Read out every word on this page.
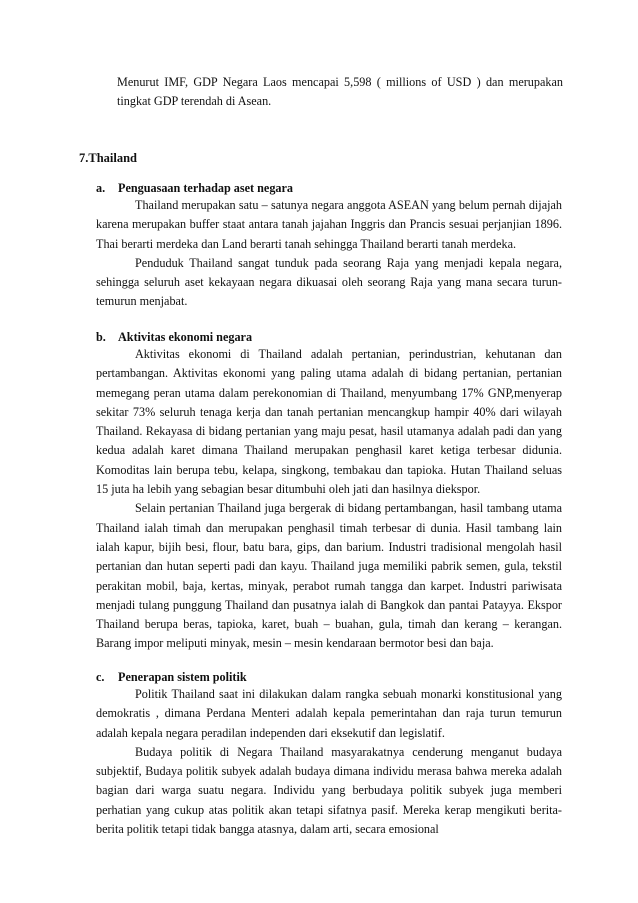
Menurut IMF, GDP Negara Laos mencapai 5,598 ( millions of USD ) dan merupakan tingkat GDP terendah di Asean.

7.Thailand
a.	Penguasaan terhadap aset negara

Thailand merupakan satu – satunya negara anggota ASEAN yang belum pernah dijajah karena merupakan buffer staat antara tanah jajahan Inggris dan Prancis sesuai perjanjian 1896. Thai berarti merdeka dan Land berarti tanah sehingga Thailand berarti tanah merdeka.

Penduduk Thailand sangat tunduk pada seorang Raja yang menjadi kepala negara, sehingga seluruh aset kekayaan negara dikuasai oleh seorang Raja yang mana secara turun-temurun menjabat.

b. Aktivitas ekonomi negara

Aktivitas ekonomi di Thailand adalah pertanian, perindustrian, kehutanan dan pertambangan. Aktivitas ekonomi yang paling utama adalah di bidang pertanian, pertanian memegang peran utama dalam perekonomian di Thailand, menyumbang 17% GNP,menyerap sekitar 73% seluruh tenaga kerja dan tanah pertanian mencangkup hampir 40% dari wilayah Thailand. Rekayasa di bidang pertanian yang maju pesat, hasil utamanya adalah padi dan yang kedua adalah karet dimana Thailand merupakan penghasil karet ketiga terbesar didunia. Komoditas lain berupa tebu, kelapa, singkong, tembakau dan tapioka. Hutan Thailand seluas 15 juta ha lebih yang sebagian besar ditumbuhi oleh jati dan hasilnya diekspor.

Selain pertanian Thailand juga bergerak di bidang pertambangan, hasil tambang utama Thailand ialah timah dan merupakan penghasil timah terbesar di dunia. Hasil tambang lain ialah kapur, bijih besi, flour, batu bara, gips, dan barium. Industri tradisional mengolah hasil pertanian dan hutan seperti padi dan kayu. Thailand juga memiliki pabrik semen, gula, tekstil perakitan mobil, baja, kertas, minyak, perabot rumah tangga dan karpet. Industri pariwisata menjadi tulang punggung Thailand dan pusatnya ialah di Bangkok dan pantai Patayya. Ekspor Thailand berupa beras, tapioka, karet, buah – buahan, gula, timah dan kerang – kerangan. Barang impor meliputi minyak, mesin – mesin kendaraan bermotor besi dan baja.

c.	Penerapan sistem politik

Politik Thailand saat ini dilakukan dalam rangka sebuah monarki konstitusional yang demokratis , dimana Perdana Menteri adalah kepala pemerintahan dan raja turun temurun adalah kepala negara peradilan independen dari eksekutif dan legislatif.

Budaya politik di Negara Thailand masyarakatnya cenderung menganut budaya subjektif, Budaya politik subyek adalah budaya dimana individu merasa bahwa mereka adalah bagian dari warga suatu negara. Individu yang berbudaya politik subyek juga memberi perhatian yang cukup atas politik akan tetapi sifatnya pasif. Mereka kerap mengikuti berita-berita politik tetapi tidak bangga atasnya, dalam arti, secara emosional
